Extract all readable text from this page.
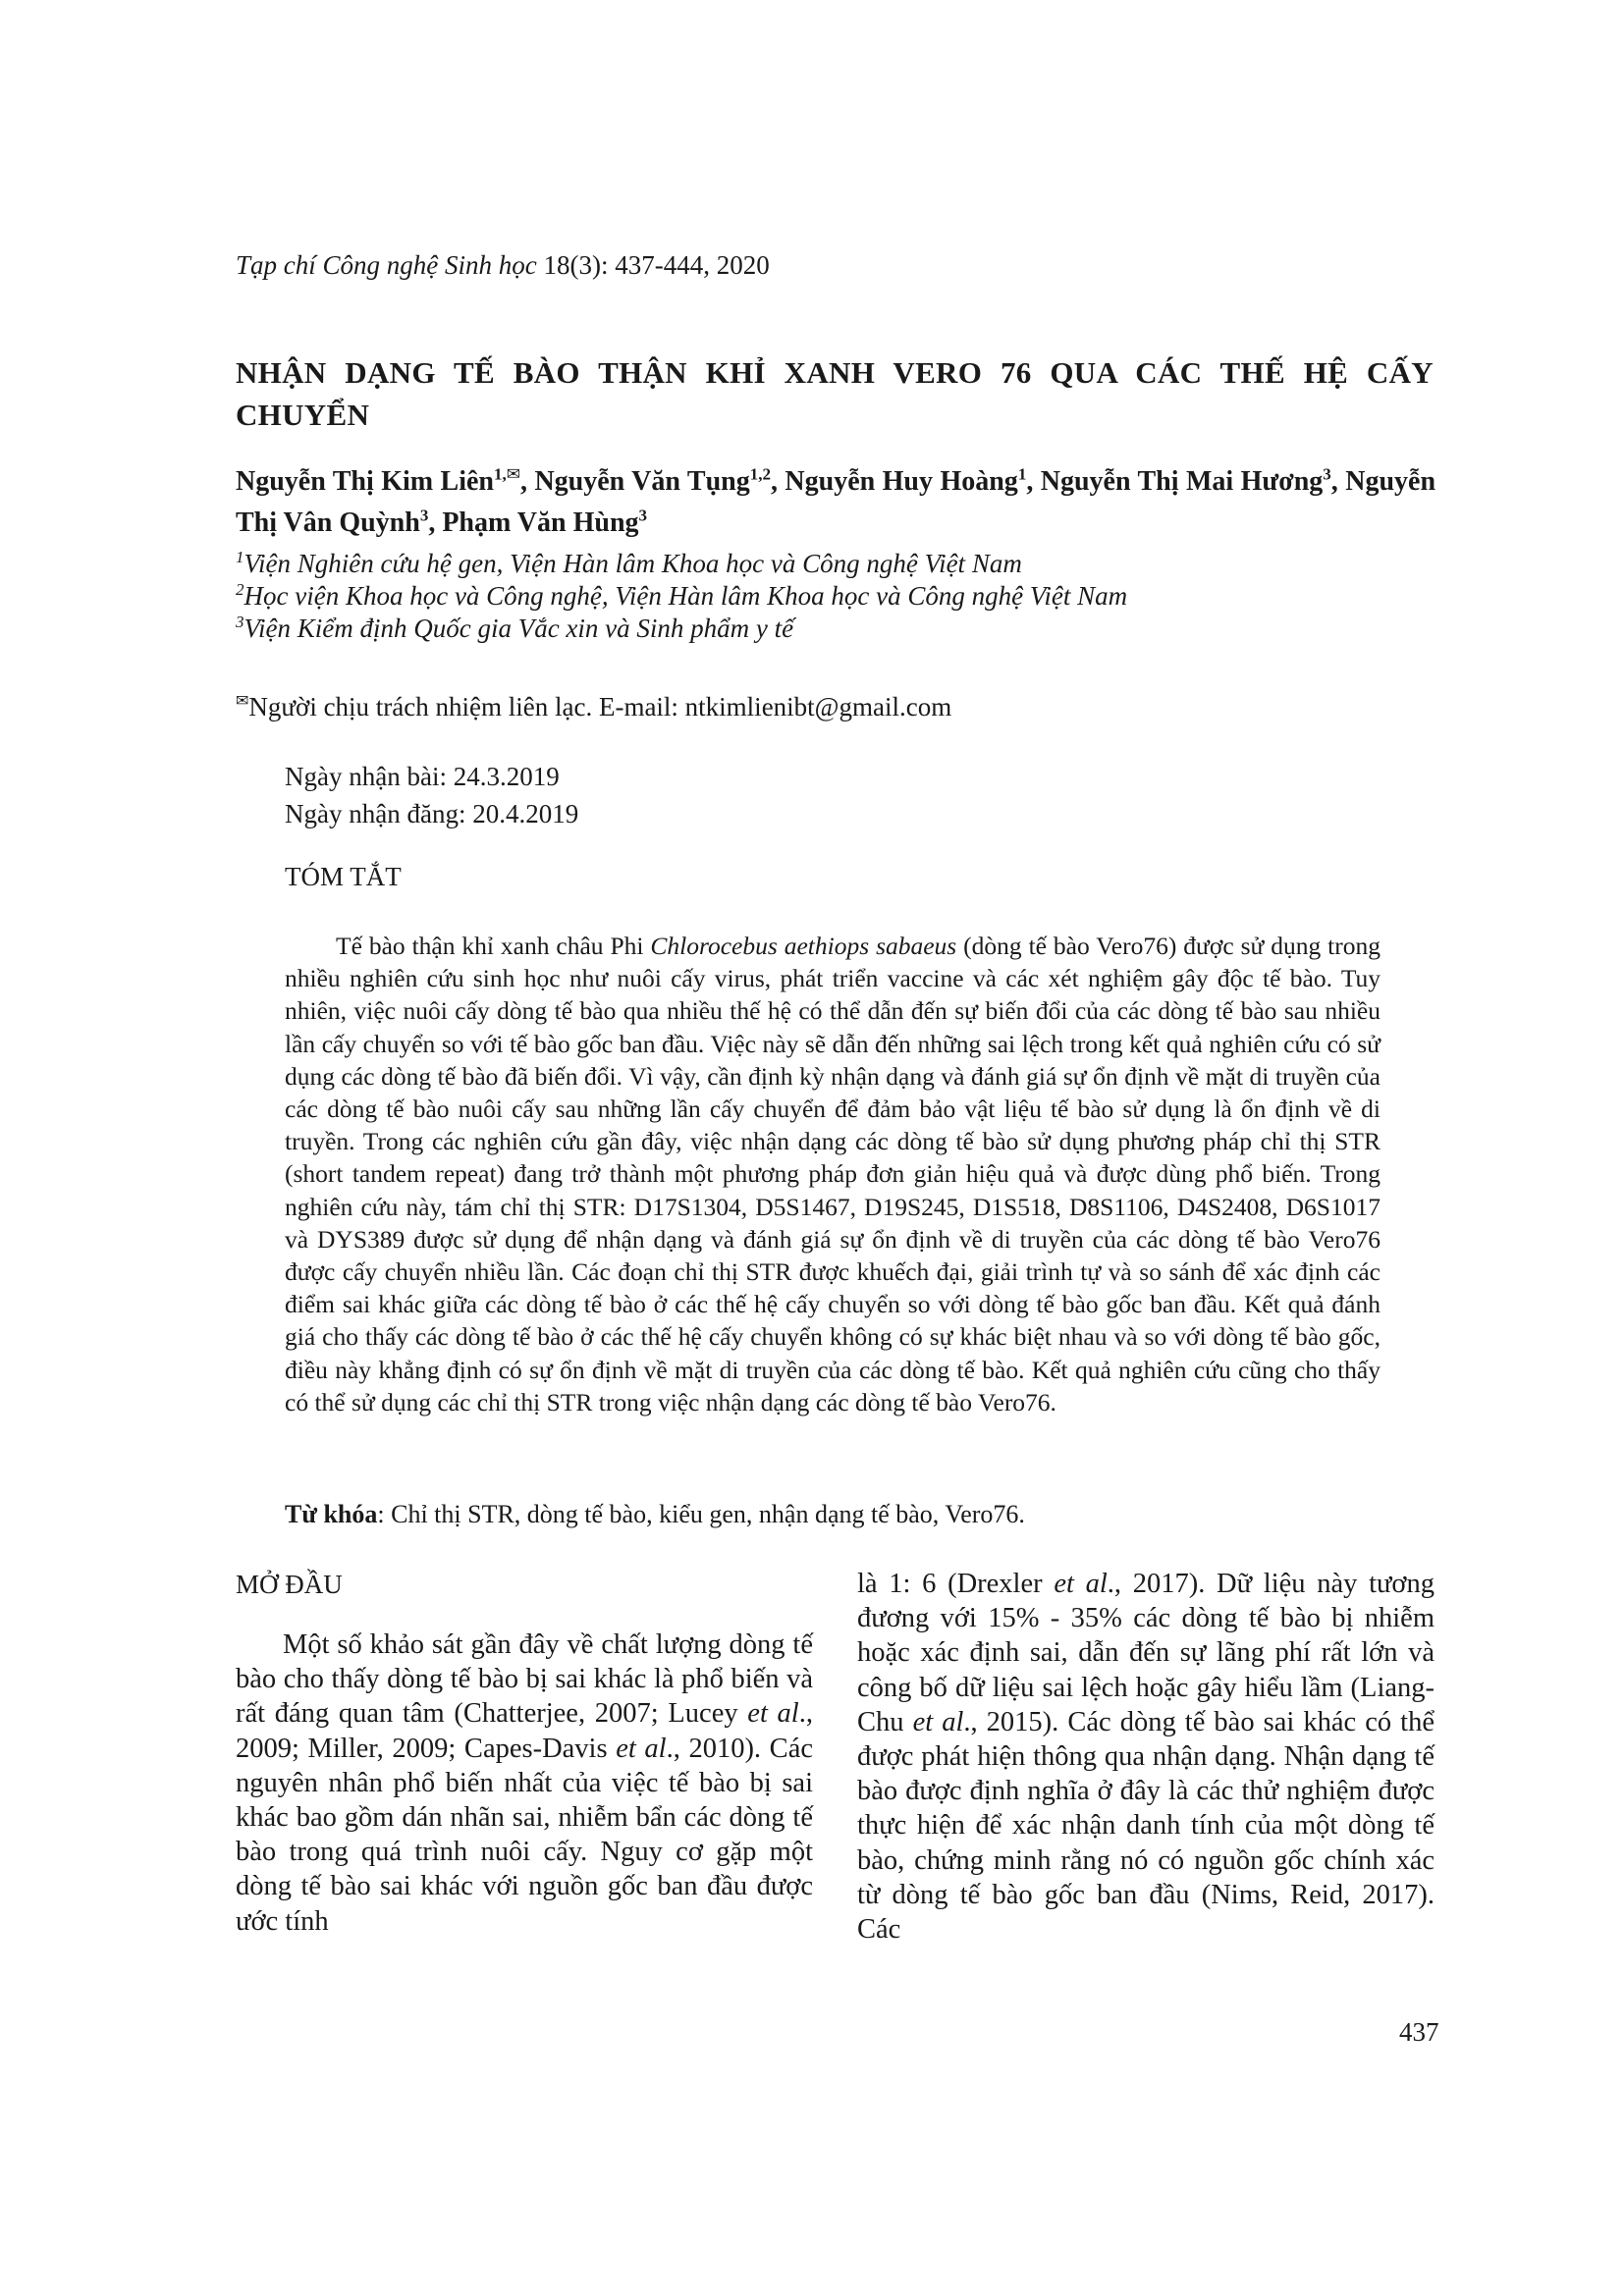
Tạp chí Công nghệ Sinh học 18(3): 437-444, 2020
NHẬN DẠNG TẾ BÀO THẬN KHỈ XANH VERO 76 QUA CÁC THẾ HỆ CẤY CHUYỂN

Nguyễn Thị Kim Liên$^{1,✉}$, Nguyễn Văn Tụng$^{1,2}$, Nguyễn Huy Hoàng$^1$, Nguyễn Thị Mai Hương$^3$, Nguyễn Thị Vân Quỳnh$^3$, Phạm Văn Hùng$^3$

$^1$Viện Nghiên cứu hệ gen, Viện Hàn lâm Khoa học và Công nghệ Việt Nam
$^2$Học viện Khoa học và Công nghệ, Viện Hàn lâm Khoa học và Công nghệ Việt Nam
$^3$Viện Kiểm định Quốc gia Vắc xin và Sinh phẩm y tế
✉Người chịu trách nhiệm liên lạc. E-mail: ntkimlienibt@gmail.com
Ngày nhận bài: 24.3.2019
Ngày nhận đăng: 20.4.2019
TÓM TẮT

Tế bào thận khỉ xanh châu Phi Chlorocebus aethiops sabaeus (dòng tế bào Vero76) được sử dụng trong nhiều nghiên cứu sinh học như nuôi cấy virus, phát triển vaccine và các xét nghiệm gây độc tế bào. Tuy nhiên, việc nuôi cấy dòng tế bào qua nhiều thế hệ có thể dẫn đến sự biến đổi của các dòng tế bào sau nhiều lần cấy chuyển so với tế bào gốc ban đầu. Việc này sẽ dẫn đến những sai lệch trong kết quả nghiên cứu có sử dụng các dòng tế bào đã biến đổi. Vì vậy, cần định kỳ nhận dạng và đánh giá sự ổn định về mặt di truyền của các dòng tế bào nuôi cấy sau những lần cấy chuyển để đảm bảo vật liệu tế bào sử dụng là ổn định về di truyền. Trong các nghiên cứu gần đây, việc nhận dạng các dòng tế bào sử dụng phương pháp chỉ thị STR (short tandem repeat) đang trở thành một phương pháp đơn giản hiệu quả và được dùng phổ biến. Trong nghiên cứu này, tám chỉ thị STR: D17S1304, D5S1467, D19S245, D1S518, D8S1106, D4S2408, D6S1017 và DYS389 được sử dụng để nhận dạng và đánh giá sự ổn định về di truyền của các dòng tế bào Vero76 được cấy chuyển nhiều lần. Các đoạn chỉ thị STR được khuếch đại, giải trình tự và so sánh để xác định các điểm sai khác giữa các dòng tế bào ở các thế hệ cấy chuyển so với dòng tế bào gốc ban đầu. Kết quả đánh giá cho thấy các dòng tế bào ở các thế hệ cấy chuyển không có sự khác biệt nhau và so với dòng tế bào gốc, điều này khẳng định có sự ổn định về mặt di truyền của các dòng tế bào. Kết quả nghiên cứu cũng cho thấy có thể sử dụng các chỉ thị STR trong việc nhận dạng các dòng tế bào Vero76.

Từ khóa: Chỉ thị STR, dòng tế bào, kiểu gen, nhận dạng tế bào, Vero76.

MỞ ĐẦU

Một số khảo sát gần đây về chất lượng dòng tế bào cho thấy dòng tế bào bị sai khác là phổ biến và rất đáng quan tâm (Chatterjee, 2007; Lucey et al., 2009; Miller, 2009; Capes-Davis et al., 2010). Các nguyên nhân phổ biến nhất của việc tế bào bị sai khác bao gồm dán nhãn sai, nhiễm bẩn các dòng tế bào trong quá trình nuôi cấy. Nguy cơ gặp một dòng tế bào sai khác với nguồn gốc ban đầu được ước tính

là 1: 6 (Drexler et al., 2017). Dữ liệu này tương đương với 15% - 35% các dòng tế bào bị nhiễm hoặc xác định sai, dẫn đến sự lãng phí rất lớn và công bố dữ liệu sai lệch hoặc gây hiểu lầm (Liang-Chu et al., 2015). Các dòng tế bào sai khác có thể được phát hiện thông qua nhận dạng. Nhận dạng tế bào được định nghĩa ở đây là các thử nghiệm được thực hiện để xác nhận danh tính của một dòng tế bào, chứng minh rằng nó có nguồn gốc chính xác từ dòng tế bào gốc ban đầu (Nims, Reid, 2017). Các

437
